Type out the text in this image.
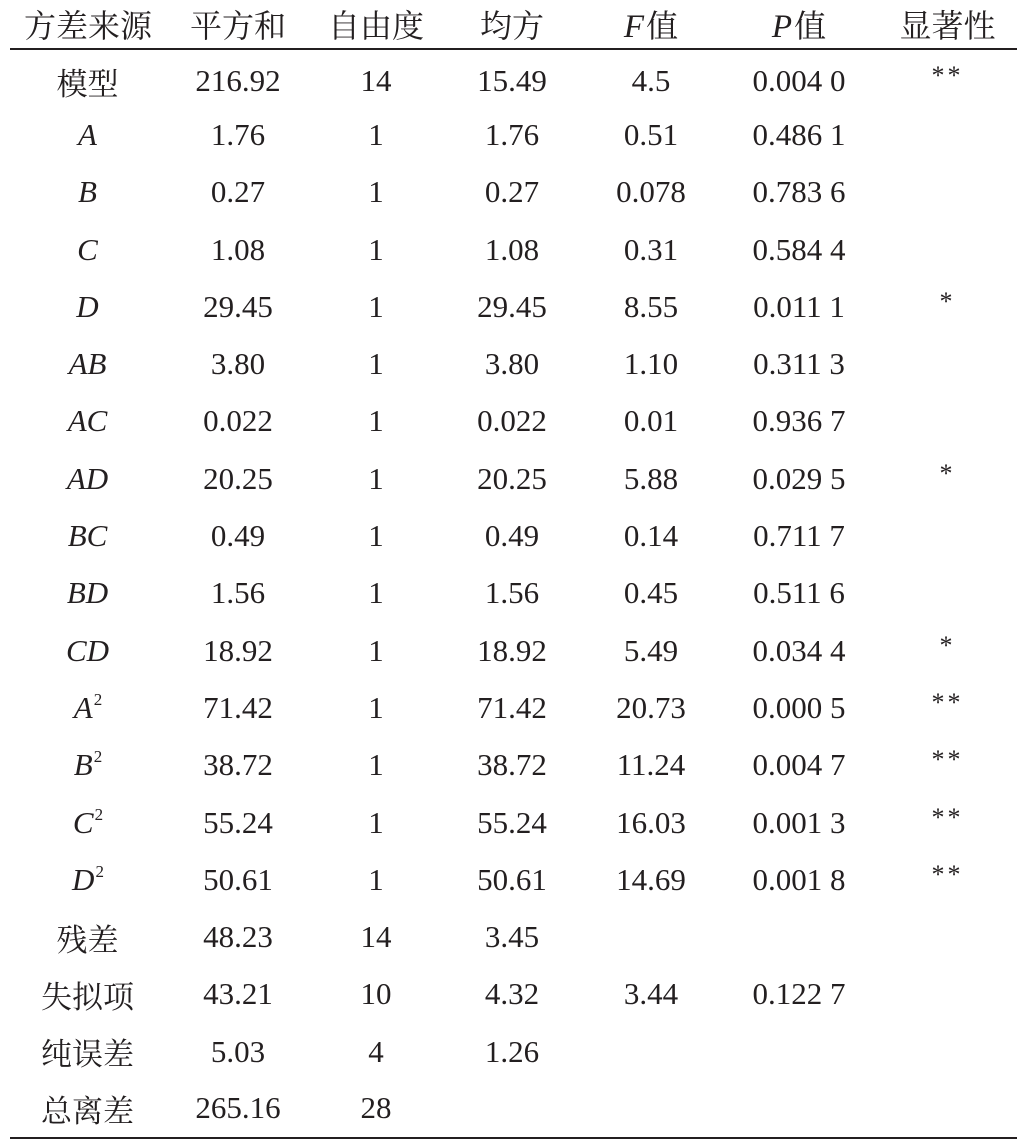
方差来源	平方和	自由度	均方	F值	P值	显著性
模型	216.92	14	15.49	4.5	0.004 0	**
A	1.76	1	1.76	0.51	0.486 1	
B	0.27	1	0.27	0.078	0.783 6	
C	1.08	1	1.08	0.31	0.584 4	
D	29.45	1	29.45	8.55	0.011 1	*
AB	3.80	1	3.80	1.10	0.311 3	
AC	0.022	1	0.022	0.01	0.936 7	
AD	20.25	1	20.25	5.88	0.029 5	*
BC	0.49	1	0.49	0.14	0.711 7	
BD	1.56	1	1.56	0.45	0.511 6	
CD	18.92	1	18.92	5.49	0.034 4	*
$A^2$	71.42	1	71.42	20.73	0.000 5	**
$B^2$	38.72	1	38.72	11.24	0.004 7	**
$C^2$	55.24	1	55.24	16.03	0.001 3	**
$D^2$	50.61	1	50.61	14.69	0.001 8	**
残差	48.23	14	3.45			
失拟项	43.21	10	4.32	3.44	0.122 7	
纯误差	5.03	4	1.26			
总离差	265.16	28				
